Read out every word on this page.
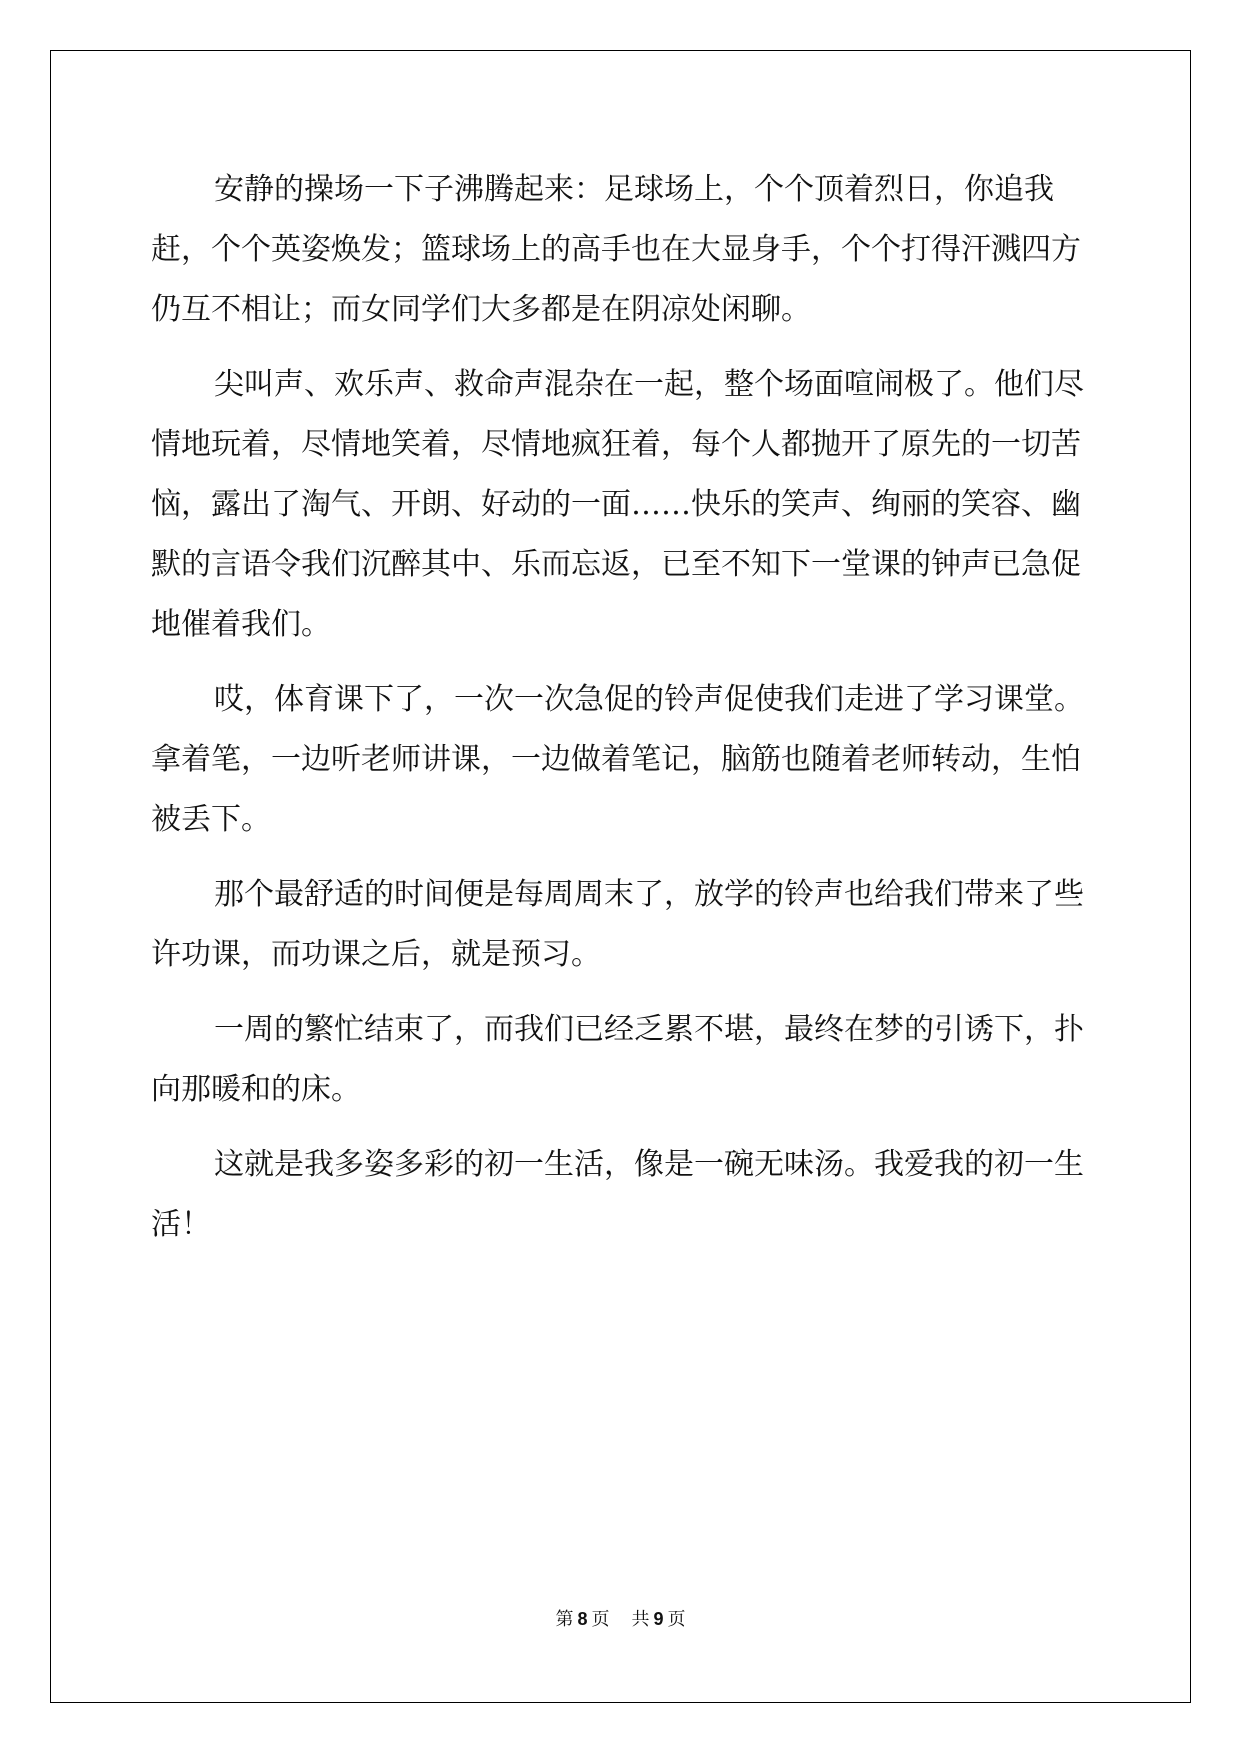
安静的操场一下子沸腾起来：足球场上，个个顶着烈日，你追我赶，个个英姿焕发；篮球场上的高手也在大显身手，个个打得汗溅四方仍互不相让；而女同学们大多都是在阴凉处闲聊。

尖叫声、欢乐声、救命声混杂在一起，整个场面喧闹极了。他们尽情地玩着，尽情地笑着，尽情地疯狂着，每个人都抛开了原先的一切苦恼，露出了淘气、开朗、好动的一面……快乐的笑声、绚丽的笑容、幽默的言语令我们沉醉其中、乐而忘返，已至不知下一堂课的钟声已急促地催着我们。

哎，体育课下了，一次一次急促的铃声促使我们走进了学习课堂。拿着笔，一边听老师讲课，一边做着笔记，脑筋也随着老师转动，生怕被丢下。

那个最舒适的时间便是每周周末了，放学的铃声也给我们带来了些许功课，而功课之后，就是预习。

一周的繁忙结束了，而我们已经乏累不堪，最终在梦的引诱下，扑向那暖和的床。

这就是我多姿多彩的初一生活，像是一碗无味汤。我爱我的初一生活！

第 8 页 共 9 页
